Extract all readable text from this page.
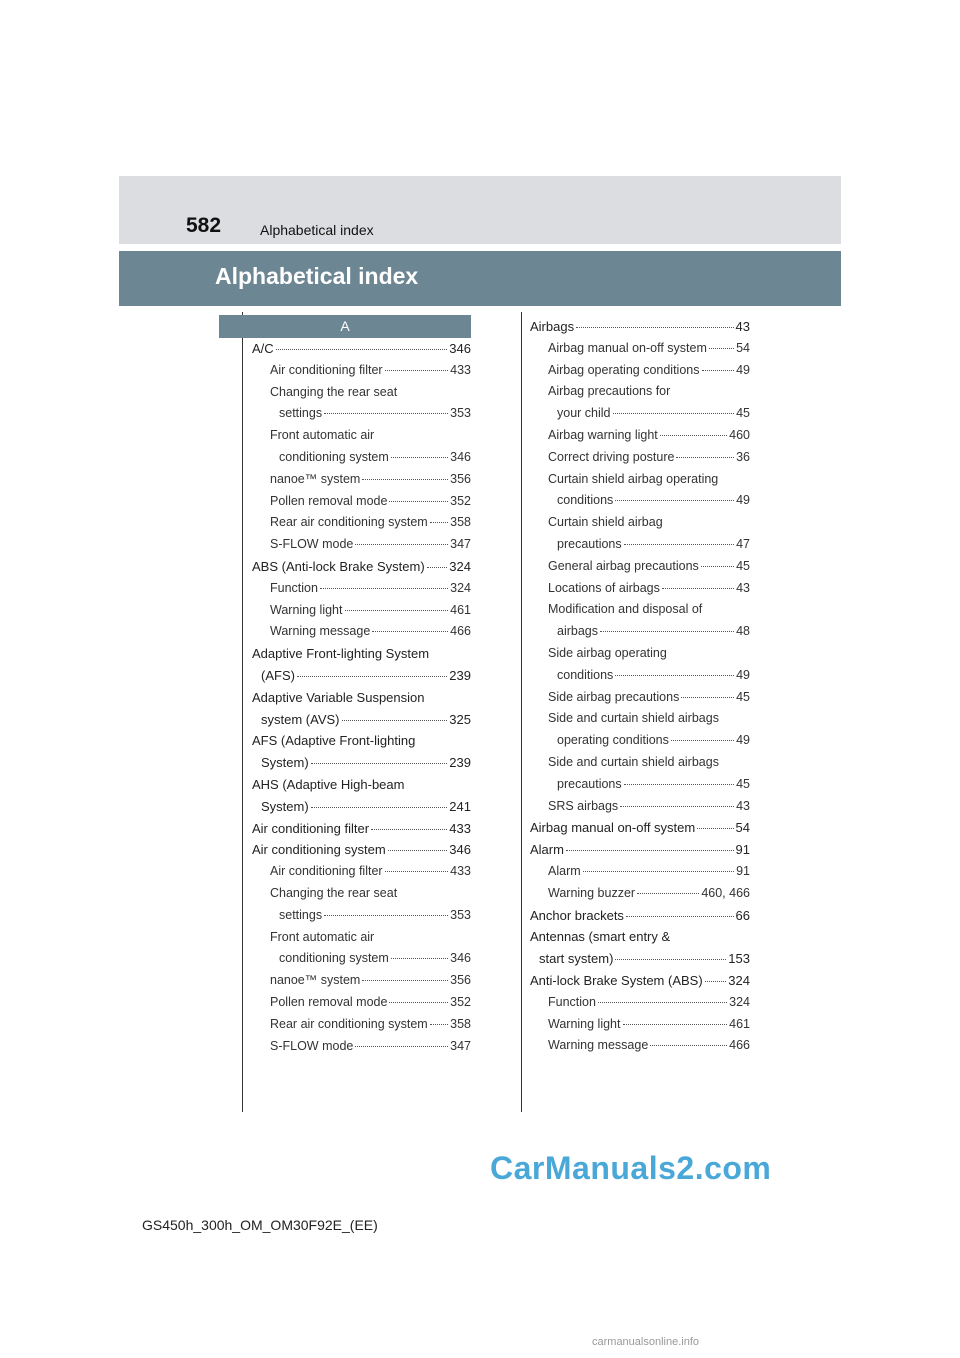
582	Alphabetical index
Alphabetical index
A
A/C	346
Air conditioning filter	433
Changing the rear seat
settings	353
Front automatic air
conditioning system	346
nanoe™ system	356
Pollen removal mode	352
Rear air conditioning system 358
S-FLOW mode	347
ABS (Anti-lock Brake System) 324
Function	324
Warning light	461
Warning message	466
Adaptive Front-lighting System
(AFS)	239
Adaptive Variable Suspension
system (AVS)	325
AFS (Adaptive Front-lighting
System)	239
AHS (Adaptive High-beam
System)	241
Air conditioning filter	433
Air conditioning system	346
Air conditioning filter	433
Changing the rear seat
settings	353
Front automatic air
conditioning system	346
nanoe™ system	356
Pollen removal mode	352
Rear air conditioning system 358
S-FLOW mode	347
Airbags	43
Airbag manual on-off system 54
Airbag operating conditions	49
Airbag precautions for
your child	45
Airbag warning light	460
Correct driving posture	36
Curtain shield airbag operating
conditions	49
Curtain shield airbag
precautions	47
General airbag precautions	45
Locations of airbags	43
Modification and disposal of
airbags	48
Side airbag operating
conditions	49
Side airbag precautions	45
Side and curtain shield airbags
operating conditions	49
Side and curtain shield airbags
precautions	45
SRS airbags	43
Airbag manual on-off system	54
Alarm	91
Alarm	91
Warning buzzer	460, 466
Anchor brackets	66
Antennas (smart entry &
start system)	153
Anti-lock Brake System (ABS) 324
Function	324
Warning light	461
Warning message	466
CarManuals2.com
GS450h_300h_OM_OM30F92E_(EE)
carmanualsonline.info
